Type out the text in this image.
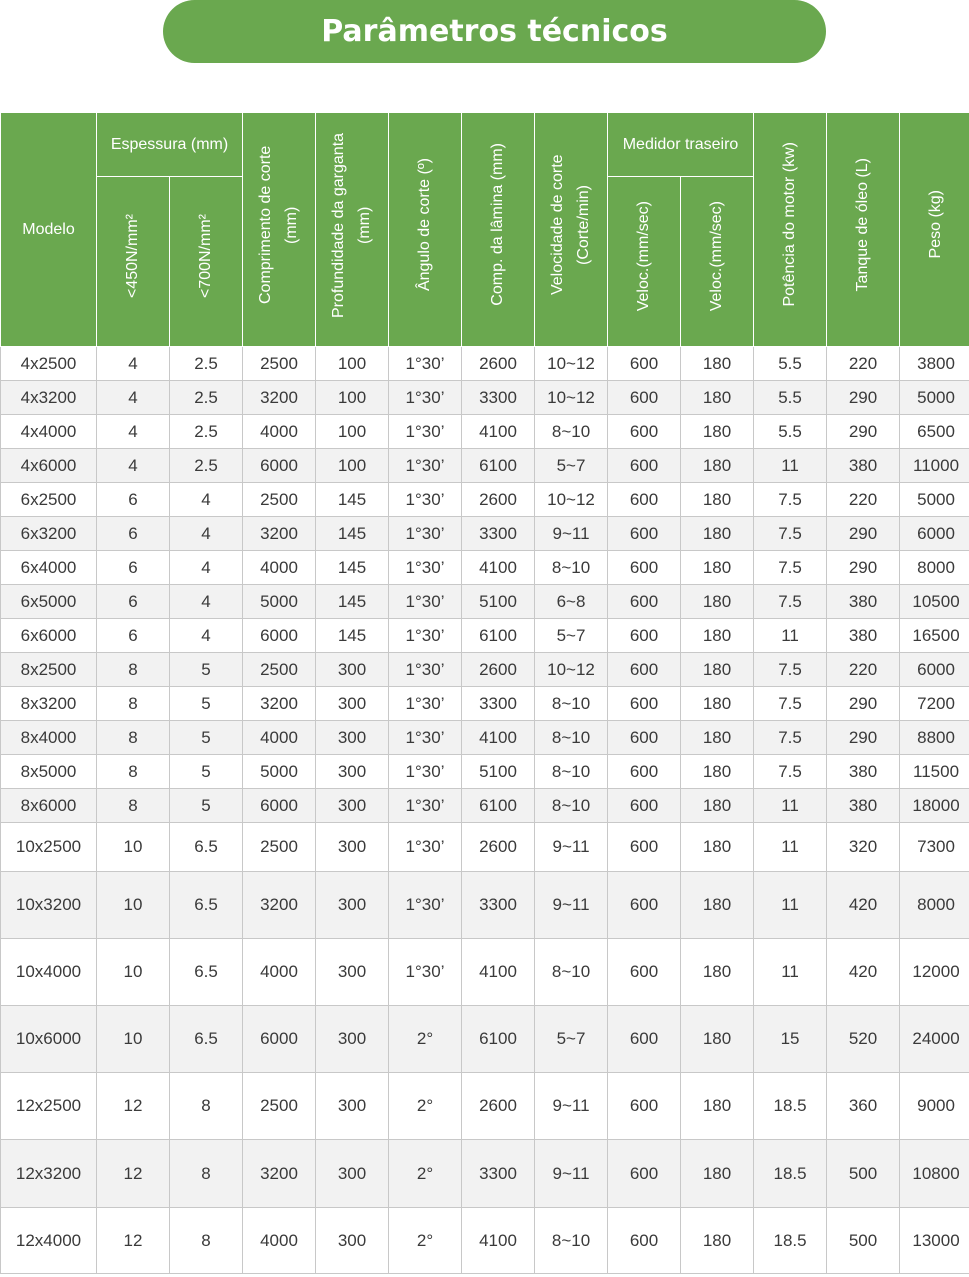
Parâmetros técnicos
Modelo	Espessura (mm)		Comprimento de corte (mm)	Profundidade da garganta (mm)	Ângulo de corte (º)	Comp. da lâmina (mm)	Velocidade de corte (Corte/min)	Medidor traseiro		Potência do motor (kw)	Tanque de óleo (L)	Peso (kg)
	<450N/mm²	<700N/mm²						Veloc.(mm/sec)	Veloc.(mm/sec)			
4x2500	4	2.5	2500	100	1°30’	2600	10~12	600	180	5.5	220	3800
4x3200	4	2.5	3200	100	1°30’	3300	10~12	600	180	5.5	290	5000
4x4000	4	2.5	4000	100	1°30’	4100	8~10	600	180	5.5	290	6500
4x6000	4	2.5	6000	100	1°30’	6100	5~7	600	180	11	380	11000
6x2500	6	4	2500	145	1°30’	2600	10~12	600	180	7.5	220	5000
6x3200	6	4	3200	145	1°30’	3300	9~11	600	180	7.5	290	6000
6x4000	6	4	4000	145	1°30’	4100	8~10	600	180	7.5	290	8000
6x5000	6	4	5000	145	1°30’	5100	6~8	600	180	7.5	380	10500
6x6000	6	4	6000	145	1°30’	6100	5~7	600	180	11	380	16500
8x2500	8	5	2500	300	1°30’	2600	10~12	600	180	7.5	220	6000
8x3200	8	5	3200	300	1°30’	3300	8~10	600	180	7.5	290	7200
8x4000	8	5	4000	300	1°30’	4100	8~10	600	180	7.5	290	8800
8x5000	8	5	5000	300	1°30’	5100	8~10	600	180	7.5	380	11500
8x6000	8	5	6000	300	1°30’	6100	8~10	600	180	11	380	18000
10x2500	10	6.5	2500	300	1°30’	2600	9~11	600	180	11	320	7300
10x3200	10	6.5	3200	300	1°30’	3300	9~11	600	180	11	420	8000
10x4000	10	6.5	4000	300	1°30’	4100	8~10	600	180	11	420	12000
10x6000	10	6.5	6000	300	2°	6100	5~7	600	180	15	520	24000
12x2500	12	8	2500	300	2°	2600	9~11	600	180	18.5	360	9000
12x3200	12	8	3200	300	2°	3300	9~11	600	180	18.5	500	10800
12x4000	12	8	4000	300	2°	4100	8~10	600	180	18.5	500	13000
